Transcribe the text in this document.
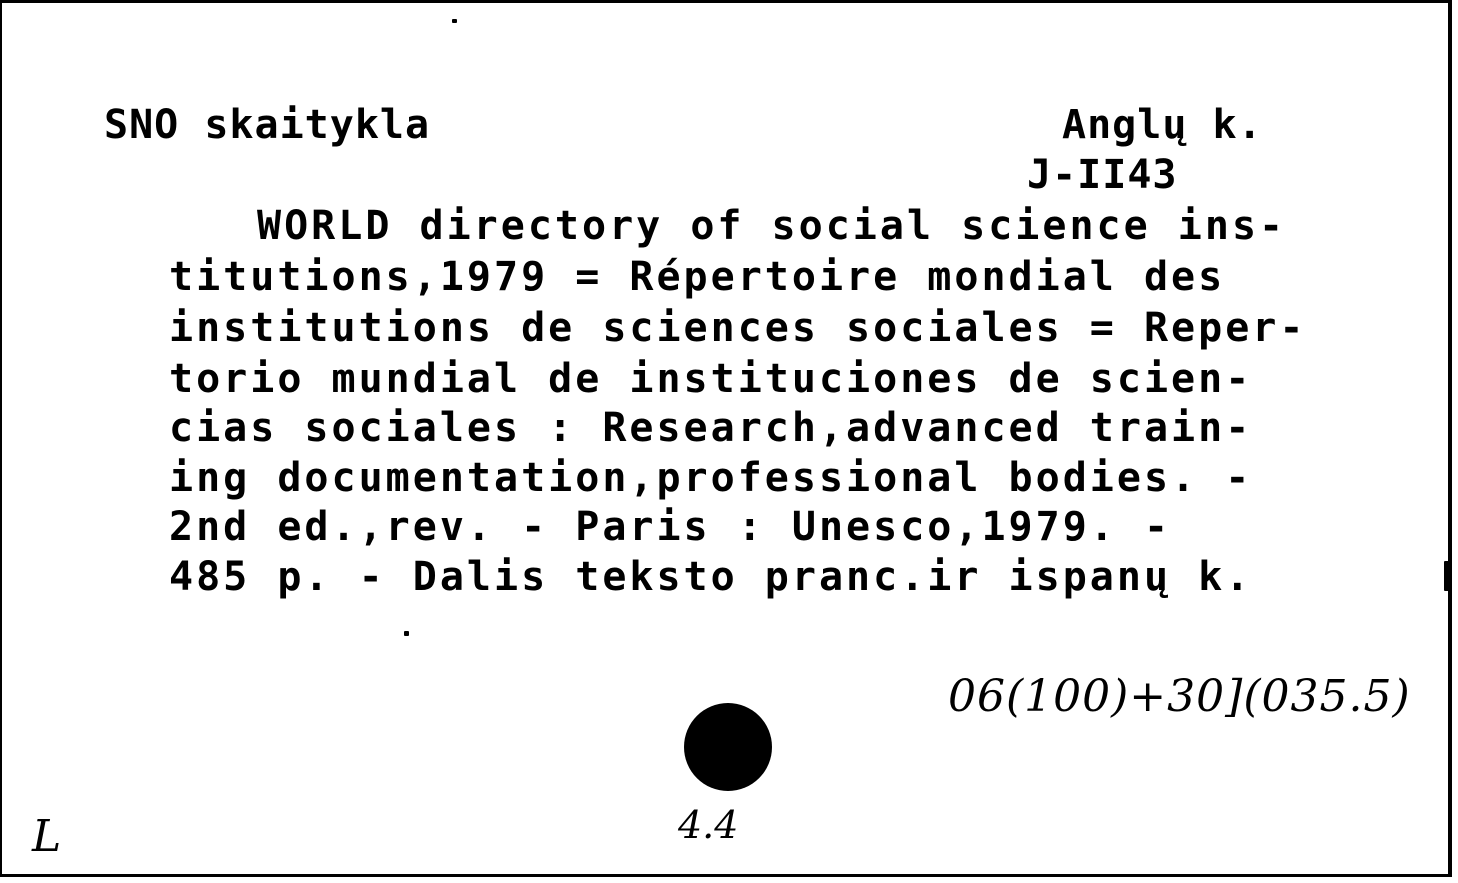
SNO skaitykla	Anglų k.
J-II43
WORLD directory of social science ins-
titutions,1979 = Répertoire mondial des
institutions de sciences sociales = Reper-
torio mundial de instituciones de scien-
cias sociales : Research,advanced train-
ing documentation,professional bodies. -
2nd ed.,rev. - Paris : Unesco,1979. -
485 p. - Dalis teksto pranc.ir ispanų k.
06(100)+30](035.5)
4.4
L
